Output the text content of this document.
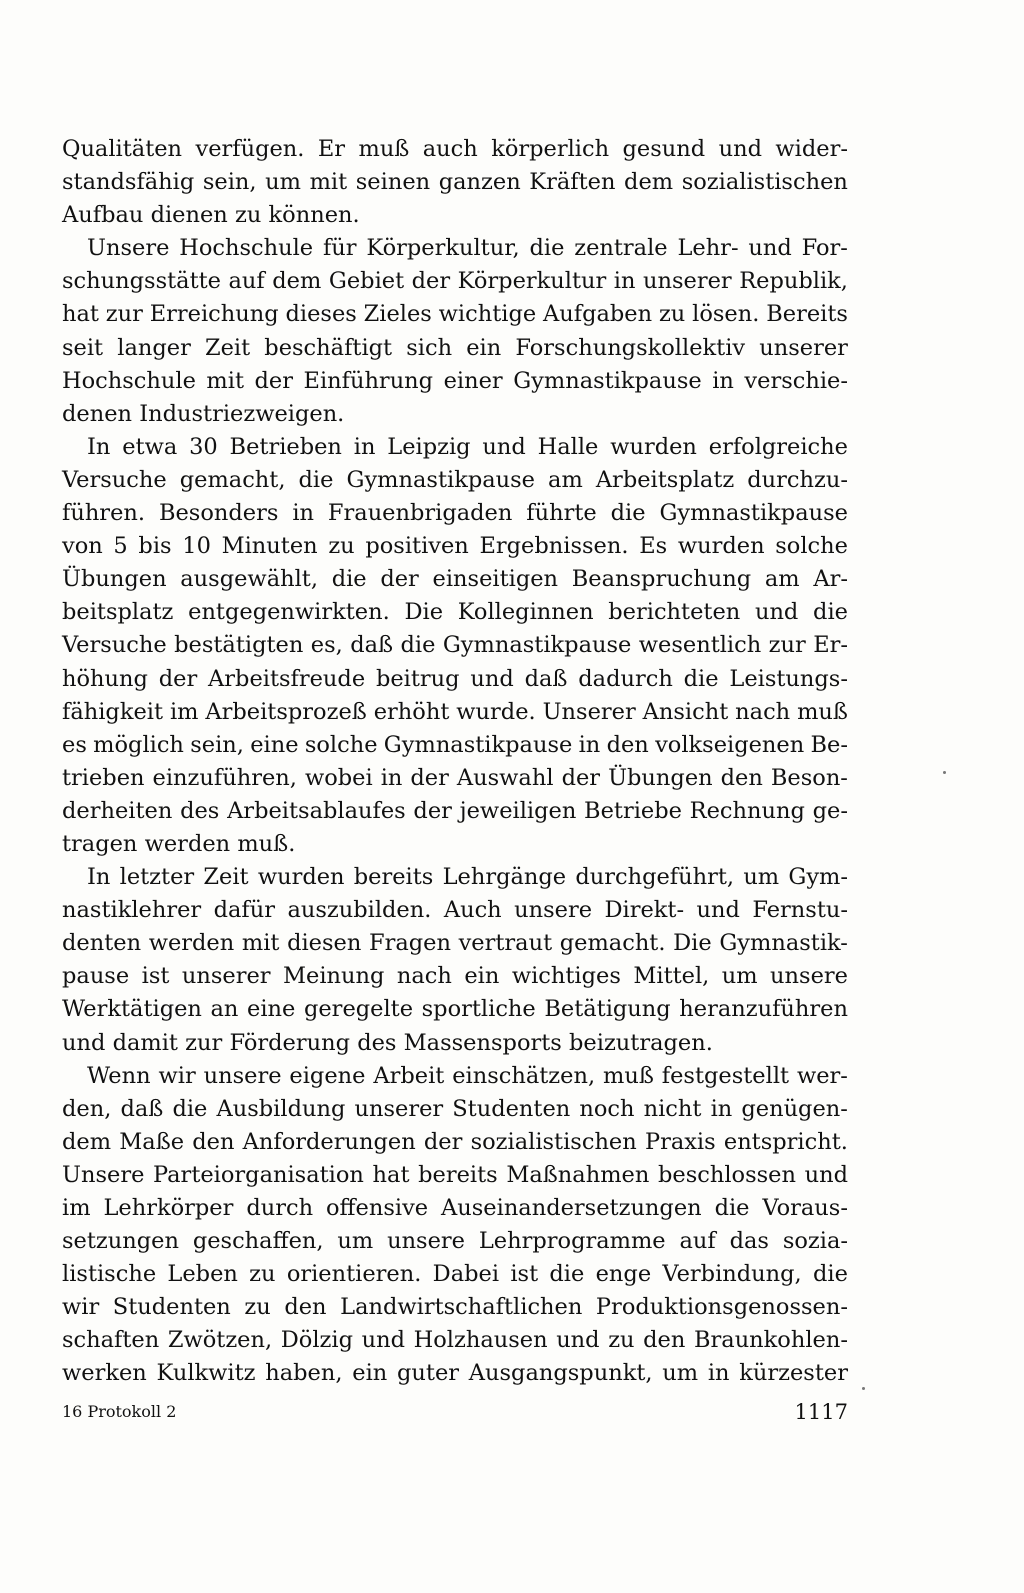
Qualitäten verfügen. Er muß auch körperlich gesund und wider-
standsfähig sein, um mit seinen ganzen Kräften dem sozialistischen
Aufbau dienen zu können.
Unsere Hochschule für Körperkultur, die zentrale Lehr- und For-
schungsstätte auf dem Gebiet der Körperkultur in unserer Republik,
hat zur Erreichung dieses Zieles wichtige Aufgaben zu lösen. Bereits
seit langer Zeit beschäftigt sich ein Forschungskollektiv unserer
Hochschule mit der Einführung einer Gymnastikpause in verschie-
denen Industriezweigen.
In etwa 30 Betrieben in Leipzig und Halle wurden erfolgreiche
Versuche gemacht, die Gymnastikpause am Arbeitsplatz durchzu-
führen. Besonders in Frauenbrigaden führte die Gymnastikpause
von 5 bis 10 Minuten zu positiven Ergebnissen. Es wurden solche
Übungen ausgewählt, die der einseitigen Beanspruchung am Ar-
beitsplatz entgegenwirkten. Die Kolleginnen berichteten und die
Versuche bestätigten es, daß die Gymnastikpause wesentlich zur Er-
höhung der Arbeitsfreude beitrug und daß dadurch die Leistungs-
fähigkeit im Arbeitsprozeß erhöht wurde. Unserer Ansicht nach muß
es möglich sein, eine solche Gymnastikpause in den volkseigenen Be-
trieben einzuführen, wobei in der Auswahl der Übungen den Beson-
derheiten des Arbeitsablaufes der jeweiligen Betriebe Rechnung ge-
tragen werden muß.
In letzter Zeit wurden bereits Lehrgänge durchgeführt, um Gym-
nastiklehrer dafür auszubilden. Auch unsere Direkt- und Fernstu-
denten werden mit diesen Fragen vertraut gemacht. Die Gymnastik-
pause ist unserer Meinung nach ein wichtiges Mittel, um unsere
Werktätigen an eine geregelte sportliche Betätigung heranzuführen
und damit zur Förderung des Massensports beizutragen.
Wenn wir unsere eigene Arbeit einschätzen, muß festgestellt wer-
den, daß die Ausbildung unserer Studenten noch nicht in genügen-
dem Maße den Anforderungen der sozialistischen Praxis entspricht.
Unsere Parteiorganisation hat bereits Maßnahmen beschlossen und
im Lehrkörper durch offensive Auseinandersetzungen die Voraus-
setzungen geschaffen, um unsere Lehrprogramme auf das sozia-
listische Leben zu orientieren. Dabei ist die enge Verbindung, die
wir Studenten zu den Landwirtschaftlichen Produktionsgenossen-
schaften Zwötzen, Dölzig und Holzhausen und zu den Braunkohlen-
werken Kulkwitz haben, ein guter Ausgangspunkt, um in kürzester
16 Protokoll 2	1117
